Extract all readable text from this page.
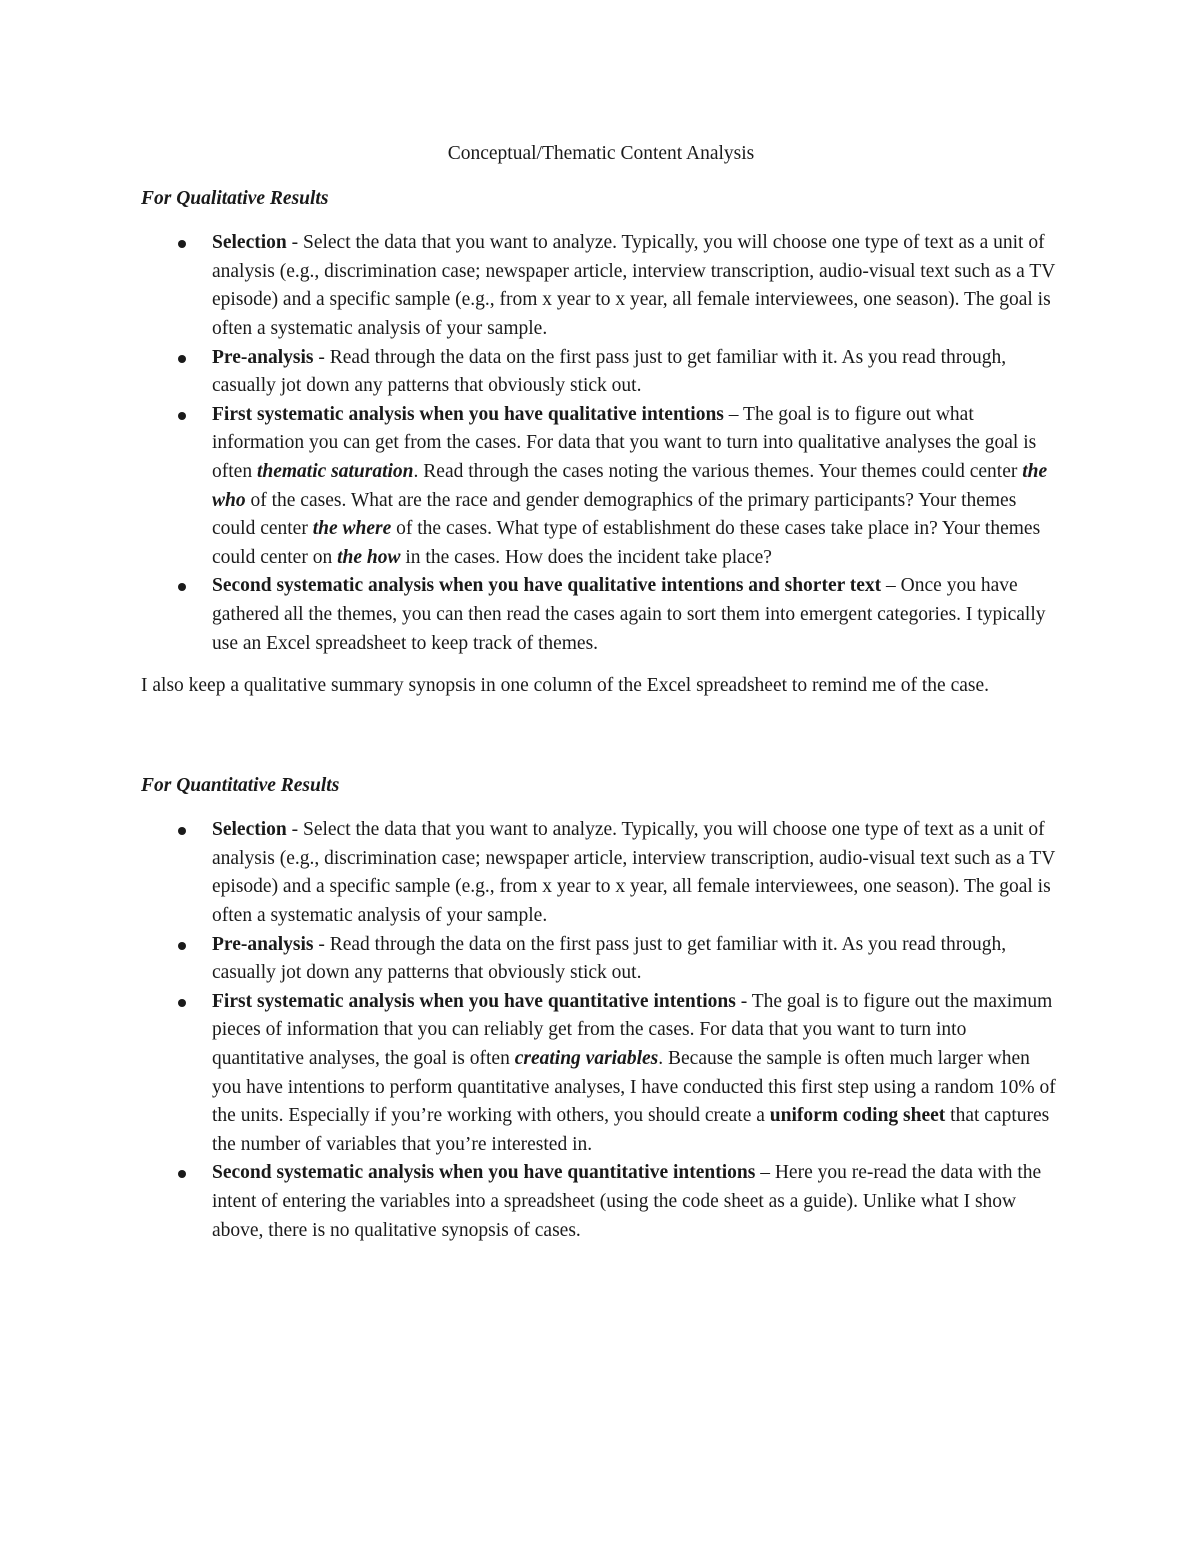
Conceptual/Thematic Content Analysis
For Qualitative Results
Selection - Select the data that you want to analyze. Typically, you will choose one type of text as a unit of analysis (e.g., discrimination case; newspaper article, interview transcription, audio-visual text such as a TV episode) and a specific sample (e.g., from x year to x year, all female interviewees, one season). The goal is often a systematic analysis of your sample.
Pre-analysis - Read through the data on the first pass just to get familiar with it. As you read through, casually jot down any patterns that obviously stick out.
First systematic analysis when you have qualitative intentions – The goal is to figure out what information you can get from the cases. For data that you want to turn into qualitative analyses the goal is often thematic saturation. Read through the cases noting the various themes. Your themes could center the who of the cases. What are the race and gender demographics of the primary participants? Your themes could center the where of the cases. What type of establishment do these cases take place in? Your themes could center on the how in the cases. How does the incident take place?
Second systematic analysis when you have qualitative intentions and shorter text – Once you have gathered all the themes, you can then read the cases again to sort them into emergent categories. I typically use an Excel spreadsheet to keep track of themes.

I also keep a qualitative summary synopsis in one column of the Excel spreadsheet to remind me of the case.

For Quantitative Results
Selection - Select the data that you want to analyze. Typically, you will choose one type of text as a unit of analysis (e.g., discrimination case; newspaper article, interview transcription, audio-visual text such as a TV episode) and a specific sample (e.g., from x year to x year, all female interviewees, one season). The goal is often a systematic analysis of your sample.
Pre-analysis - Read through the data on the first pass just to get familiar with it. As you read through, casually jot down any patterns that obviously stick out.
First systematic analysis when you have quantitative intentions - The goal is to figure out the maximum pieces of information that you can reliably get from the cases. For data that you want to turn into quantitative analyses, the goal is often creating variables. Because the sample is often much larger when you have intentions to perform quantitative analyses, I have conducted this first step using a random 10% of the units. Especially if you’re working with others, you should create a uniform coding sheet that captures the number of variables that you’re interested in.
Second systematic analysis when you have quantitative intentions – Here you re-read the data with the intent of entering the variables into a spreadsheet (using the code sheet as a guide). Unlike what I show above, there is no qualitative synopsis of cases.
